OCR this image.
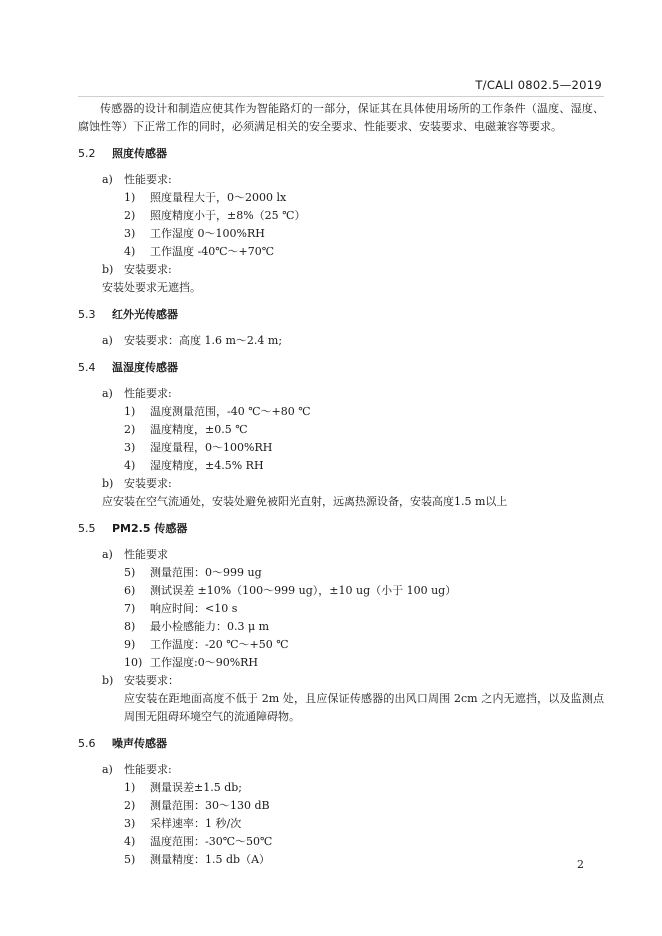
T/CALI 0802.5—2019

传感器的设计和制造应使其作为智能路灯的一部分，保证其在具体使用场所的工作条件（温度、湿度、腐蚀性等）下正常工作的同时，必须满足相关的安全要求、性能要求、安装要求、电磁兼容等要求。

5.2 照度传感器

a) 性能要求:

1) 照度量程大于，0～2000 lx

2) 照度精度小于，±8%（25 ℃）

3) 工作湿度 0～100%RH

4) 工作温度 -40℃～+70℃

b) 安装要求:

安装处要求无遮挡。

5.3 红外光传感器

a) 安装要求：高度 1.6 m～2.4 m;

5.4 温湿度传感器

a) 性能要求:

1) 温度测量范围，-40 ℃～+80 ℃

2) 温度精度，±0.5 ℃

3) 湿度量程，0～100%RH

4) 湿度精度，±4.5% RH

b) 安装要求:

应安装在空气流通处，安装处避免被阳光直射，远离热源设备，安装高度1.5 m以上

5.5 PM2.5 传感器

a) 性能要求

5) 测量范围：0～999 ug

6) 测试误差 ±10%（100～999 ug），±10 ug（小于 100 ug）

7) 响应时间：<10 s

8) 最小检感能力：0.3 μ m

9) 工作温度：-20 ℃～+50 ℃

10) 工作湿度:0～90%RH

b) 安装要求：

应安装在距地面高度不低于 2m 处，且应保证传感器的出风口周围 2cm 之内无遮挡，以及监测点周围无阻碍环境空气的流通障碍物。

5.6 噪声传感器

a) 性能要求:

1) 测量误差±1.5 db;

2) 测量范围：30～130 dB

3) 采样速率：1 秒/次

4) 温度范围：-30℃～50℃

5) 测量精度：1.5 db（A）	2
